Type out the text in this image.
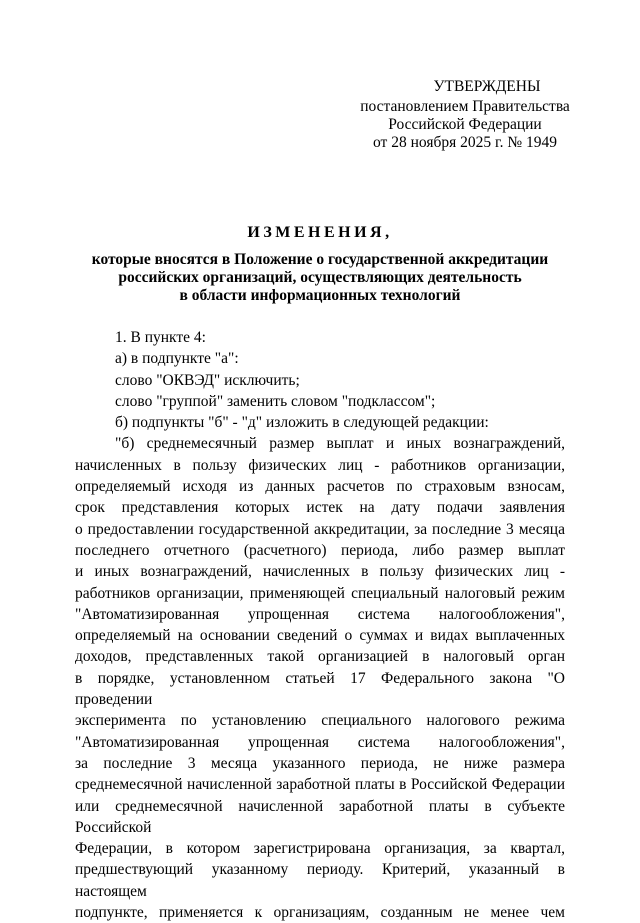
УТВЕРЖДЕНЫ
постановлением Правительства
Российской Федерации
от 28 ноября 2025 г. № 1949
ИЗМЕНЕНИЯ,
которые вносятся в Положение о государственной аккредитации
российских организаций, осуществляющих деятельность
в области информационных технологий
1. В пункте 4:
а) в подпункте "а":
слово "ОКВЭД" исключить;
слово "группой" заменить словом "подклассом";
б) подпункты "б" - "д" изложить в следующей редакции:
"б) среднемесячный размер выплат и иных вознаграждений,
начисленных в пользу физических лиц - работников организации,
определяемый исходя из данных расчетов по страховым взносам,
срок представления которых истек на дату подачи заявления
о предоставлении государственной аккредитации, за последние 3 месяца
последнего отчетного (расчетного) периода, либо размер выплат
и иных вознаграждений, начисленных в пользу физических лиц -
работников организации, применяющей специальный налоговый режим
"Автоматизированная упрощенная система налогообложения",
определяемый на основании сведений о суммах и видах выплаченных
доходов, представленных такой организацией в налоговый орган
в порядке, установленном статьей 17 Федерального закона "О проведении
эксперимента по установлению специального налогового режима
"Автоматизированная упрощенная система налогообложения",
за последние 3 месяца указанного периода, не ниже размера
среднемесячной начисленной заработной платы в Российской Федерации
или среднемесячной начисленной заработной платы в субъекте Российской
Федерации, в котором зарегистрирована организация, за квартал,
предшествующий указанному периоду. Критерий, указанный в настоящем
подпункте, применяется к организациям, созданным не менее чем
